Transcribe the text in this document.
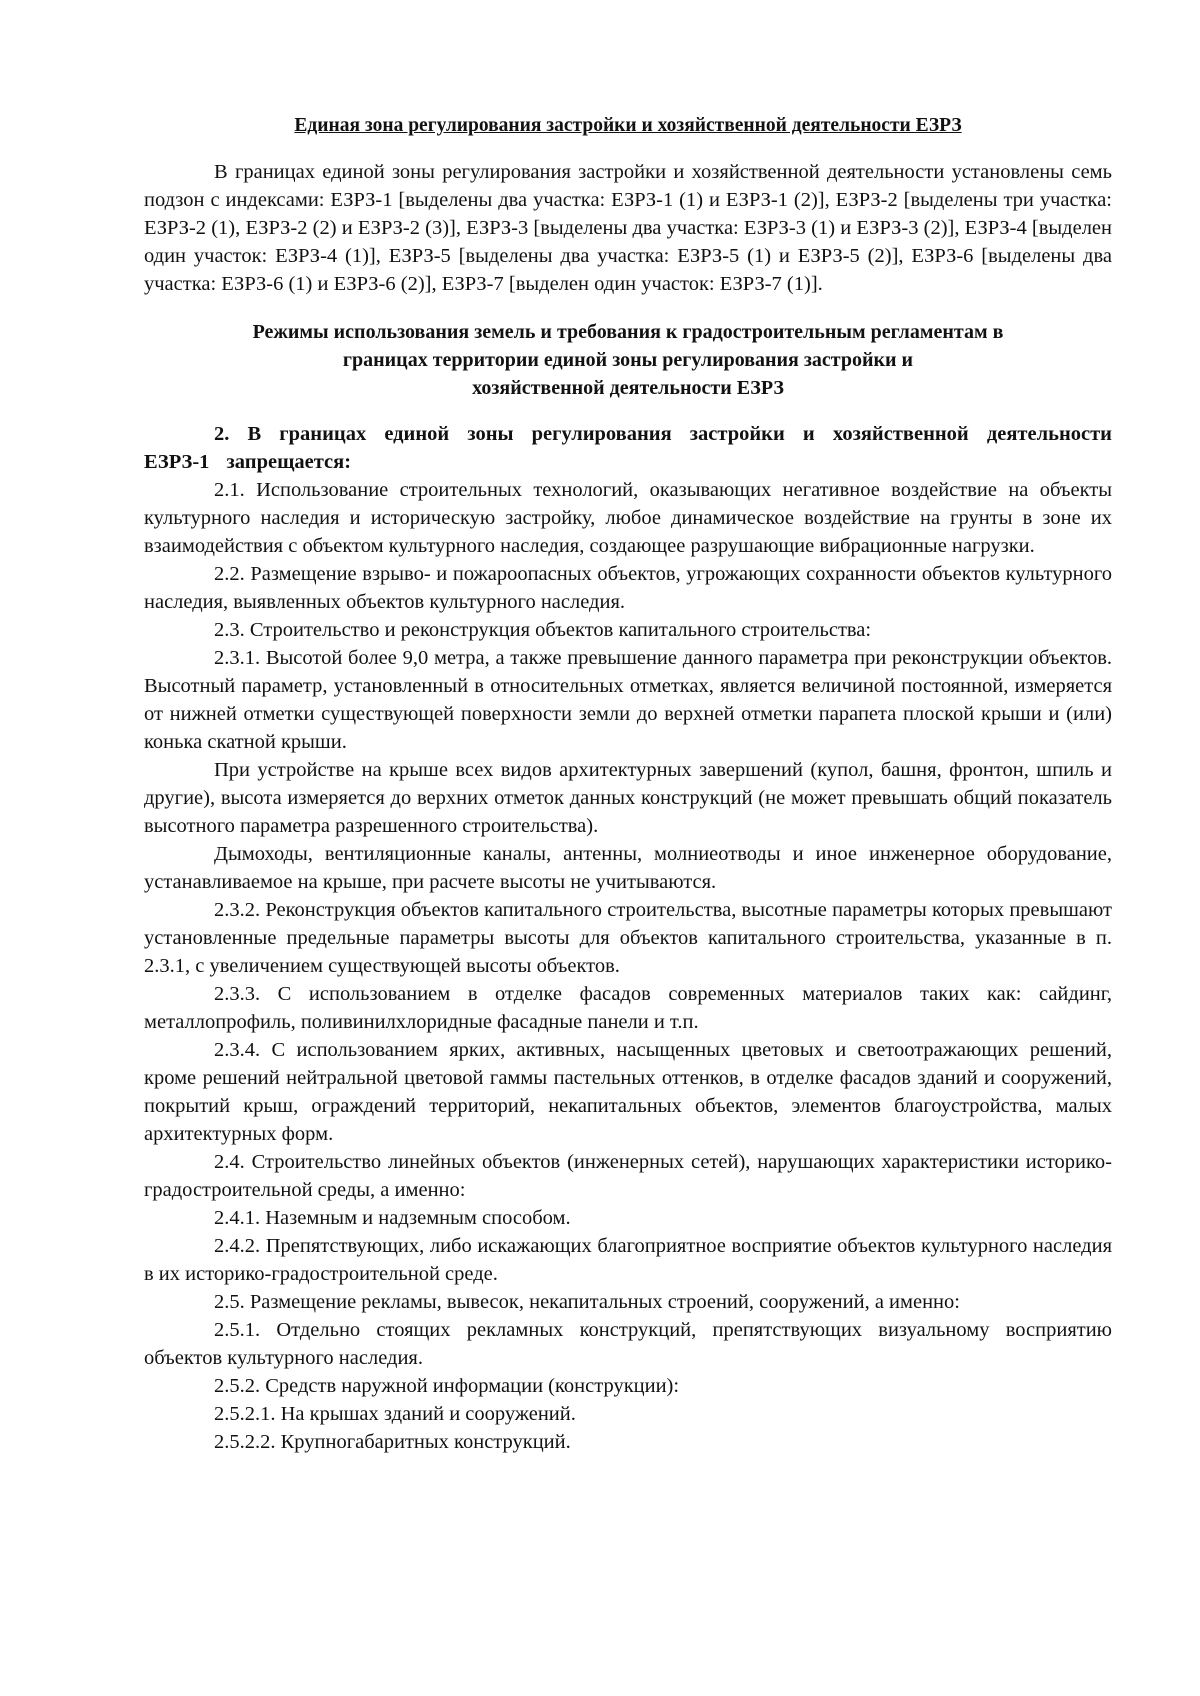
Единая зона регулирования застройки и хозяйственной деятельности ЕЗРЗ

В границах единой зоны регулирования застройки и хозяйственной деятельности установлены семь подзон с индексами: ЕЗРЗ-1 [выделены два участка: ЕЗРЗ-1 (1) и ЕЗРЗ-1 (2)], ЕЗРЗ-2 [выделены три участка: ЕЗРЗ-2 (1), ЕЗРЗ-2 (2) и ЕЗРЗ-2 (3)], ЕЗРЗ-3 [выделены два участка: ЕЗРЗ-3 (1) и ЕЗРЗ-3 (2)], ЕЗРЗ-4 [выделен один участок: ЕЗРЗ-4 (1)], ЕЗРЗ-5 [выделены два участка: ЕЗРЗ-5 (1) и ЕЗРЗ-5 (2)], ЕЗРЗ-6 [выделены два участка: ЕЗРЗ-6 (1) и ЕЗРЗ-6 (2)], ЕЗРЗ-7 [выделен один участок: ЕЗРЗ-7 (1)].

Режимы использования земель и требования к градостроительным регламентам в
границах территории единой зоны регулирования застройки и
хозяйственной деятельности ЕЗРЗ

2. В границах единой зоны регулирования застройки и хозяйственной деятельности ЕЗРЗ-1 запрещается:

2.1. Использование строительных технологий, оказывающих негативное воздействие на объекты культурного наследия и историческую застройку, любое динамическое воздействие на грунты в зоне их взаимодействия с объектом культурного наследия, создающее разрушающие вибрационные нагрузки.

2.2. Размещение взрыво- и пожароопасных объектов, угрожающих сохранности объектов культурного наследия, выявленных объектов культурного наследия.

2.3. Строительство и реконструкция объектов капитального строительства:

2.3.1. Высотой более 9,0 метра, а также превышение данного параметра при реконструкции объектов. Высотный параметр, установленный в относительных отметках, является величиной постоянной, измеряется от нижней отметки существующей поверхности земли до верхней отметки парапета плоской крыши и (или) конька скатной крыши.

При устройстве на крыше всех видов архитектурных завершений (купол, башня, фронтон, шпиль и другие), высота измеряется до верхних отметок данных конструкций (не может превышать общий показатель высотного параметра разрешенного строительства).

Дымоходы, вентиляционные каналы, антенны, молниеотводы и иное инженерное оборудование, устанавливаемое на крыше, при расчете высоты не учитываются.

2.3.2. Реконструкция объектов капитального строительства, высотные параметры которых превышают установленные предельные параметры высоты для объектов капитального строительства, указанные в п. 2.3.1, с увеличением существующей высоты объектов.

2.3.3. С использованием в отделке фасадов современных материалов таких как: сайдинг, металлопрофиль, поливинилхлоридные фасадные панели и т.п.

2.3.4. С использованием ярких, активных, насыщенных цветовых и светоотражающих решений, кроме решений нейтральной цветовой гаммы пастельных оттенков, в отделке фасадов зданий и сооружений, покрытий крыш, ограждений территорий, некапитальных объектов, элементов благоустройства, малых архитектурных форм.

2.4. Строительство линейных объектов (инженерных сетей), нарушающих характеристики историко-градостроительной среды, а именно:

2.4.1. Наземным и надземным способом.

2.4.2. Препятствующих, либо искажающих благоприятное восприятие объектов культурного наследия в их историко-градостроительной среде.

2.5. Размещение рекламы, вывесок, некапитальных строений, сооружений, а именно:

2.5.1. Отдельно стоящих рекламных конструкций, препятствующих визуальному восприятию объектов культурного наследия.

2.5.2. Средств наружной информации (конструкции):

2.5.2.1. На крышах зданий и сооружений.

2.5.2.2. Крупногабаритных конструкций.
